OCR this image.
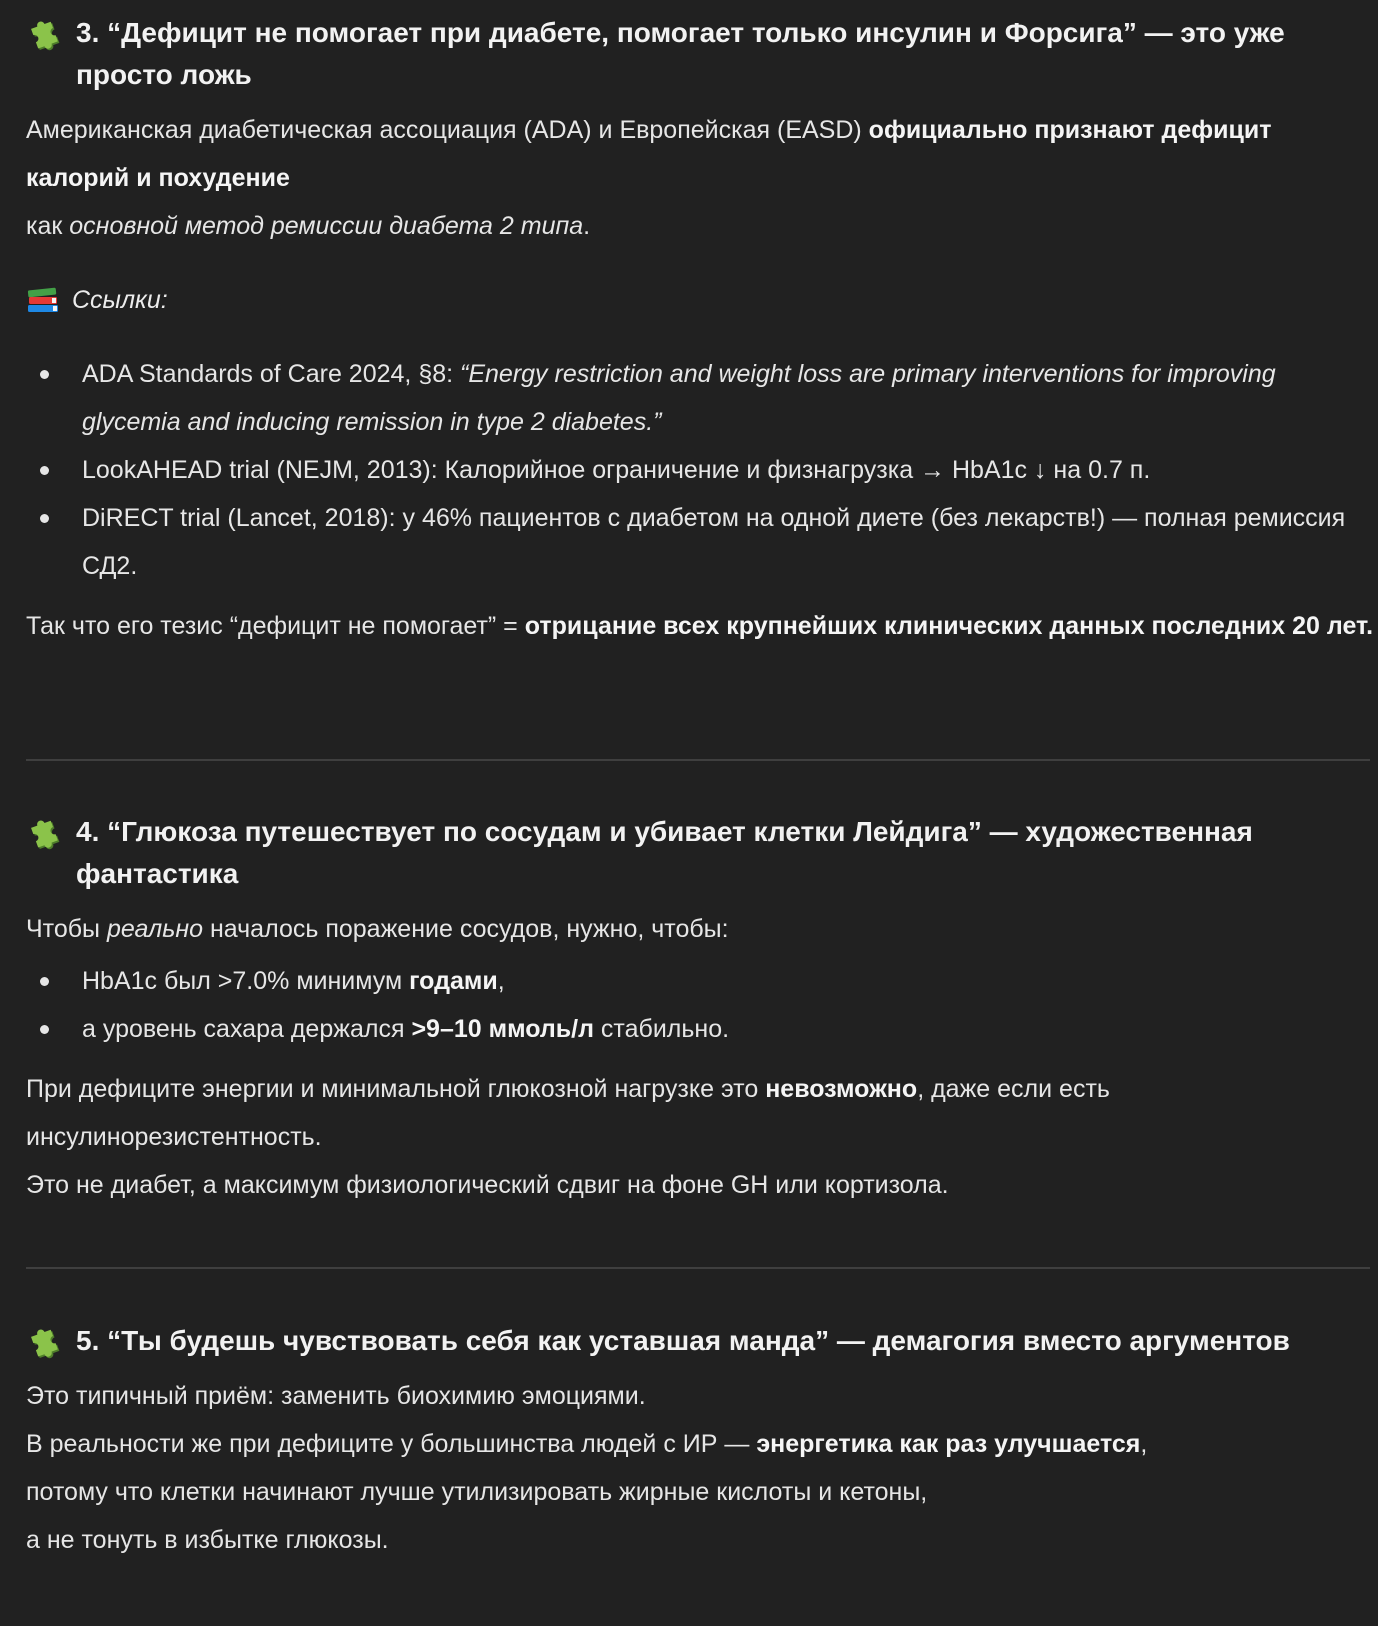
3. “Дефицит не помогает при диабете, помогает только инсулин и Форсига” — это уже просто ложь

Американская диабетическая ассоциация (ADA) и Европейская (EASD) официально признают дефицит калорий и похудение
как основной метод ремиссии диабета 2 типа.

Ссылки:
ADA Standards of Care 2024, §8: “Energy restriction and weight loss are primary interventions for improving glycemia and inducing remission in type 2 diabetes.”
LookAHEAD trial (NEJM, 2013): Калорийное ограничение и физнагрузка → HbA1c ↓ на 0.7 п.
DiRECT trial (Lancet, 2018): у 46% пациентов с диабетом на одной диете (без лекарств!) — полная ремиссия СД2.

Так что его тезис “дефицит не помогает” = отрицание всех крупнейших клинических данных последних 20 лет.

4. “Глюкоза путешествует по сосудам и убивает клетки Лейдига” — художественная фантастика

Чтобы реально началось поражение сосудов, нужно, чтобы:

HbA1c был >7.0% минимум годами,
а уровень сахара держался >9–10 ммоль/л стабильно.

При дефиците энергии и минимальной глюкозной нагрузке это невозможно, даже если есть инсулинорезистентность.

Это не диабет, а максимум физиологический сдвиг на фоне GH или кортизола.

5. “Ты будешь чувствовать себя как уставшая манда” — демагогия вместо аргументов

Это типичный приём: заменить биохимию эмоциями.

В реальности же при дефиците у большинства людей с ИР — энергетика как раз улучшается,

потому что клетки начинают лучше утилизировать жирные кислоты и кетоны,

а не тонуть в избытке глюкозы.
